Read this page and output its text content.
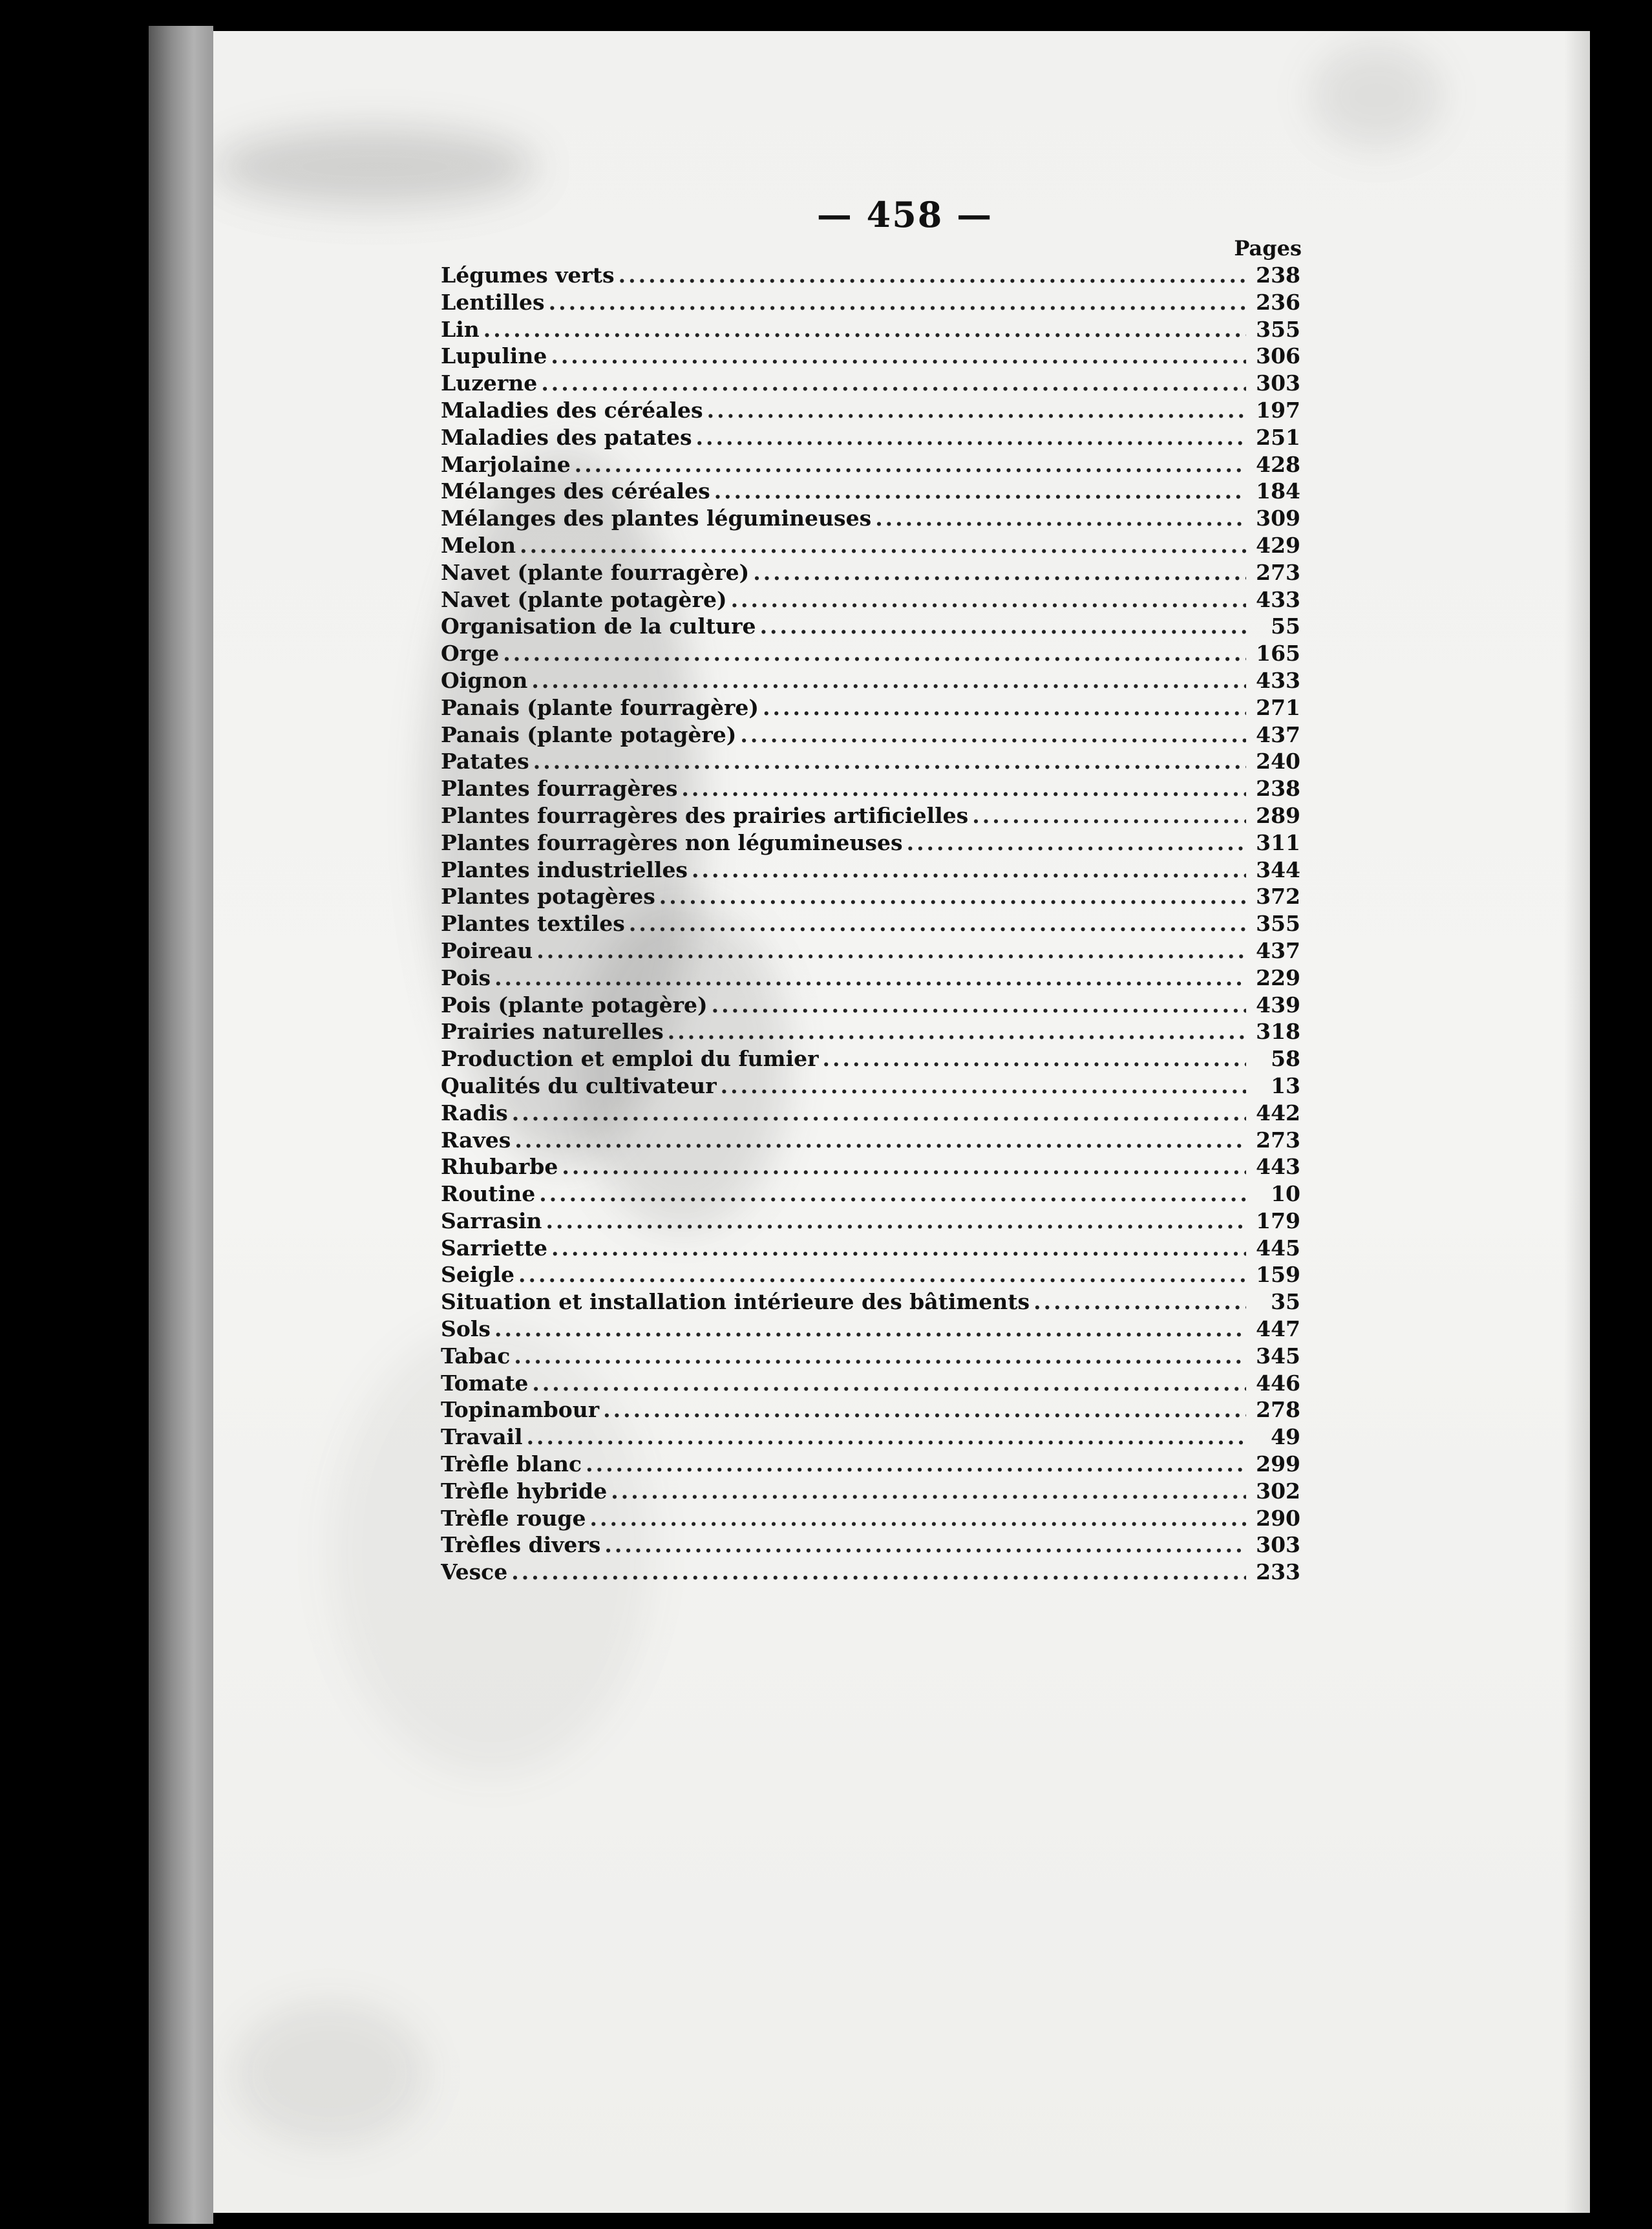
— 458 —
Pages
Légumes verts .....	238
Lentilles .....	236
Lin .....	355
Lupuline .....	306
Luzerne .....	303
Maladies des céréales .....	197
Maladies des patates .....	251
Marjolaine .....	428
Mélanges des céréales .....	184
Mélanges des plantes légumineuses .....	309
Melon .....	429
Navet (plante fourragère) .....	273
Navet (plante potagère) .....	433
Organisation de la culture .....	55
Orge .....	165
Oignon .....	433
Panais (plante fourragère) .....	271
Panais (plante potagère) .....	437
Patates .....	240
Plantes fourragères .....	238
Plantes fourragères des prairies artificielles .....	289
Plantes fourragères non légumineuses .....	311
Plantes industrielles .....	344
Plantes potagères .....	372
Plantes textiles .....	355
Poireau .....	437
Pois .....	229
Pois (plante potagère) .....	439
Prairies naturelles .....	318
Production et emploi du fumier .....	58
Qualités du cultivateur .....	13
Radis .....	442
Raves .....	273
Rhubarbe .....	443
Routine .....	10
Sarrasin .....	179
Sarriette .....	445
Seigle .....	159
Situation et installation intérieure des bâtiments .....	35
Sols .....	447
Tabac .....	345
Tomate .....	446
Topinambour .....	278
Travail .....	49
Trèfle blanc .....	299
Trèfle hybride .....	302
Trèfle rouge .....	290
Trèfles divers .....	303
Vesce .....	233
